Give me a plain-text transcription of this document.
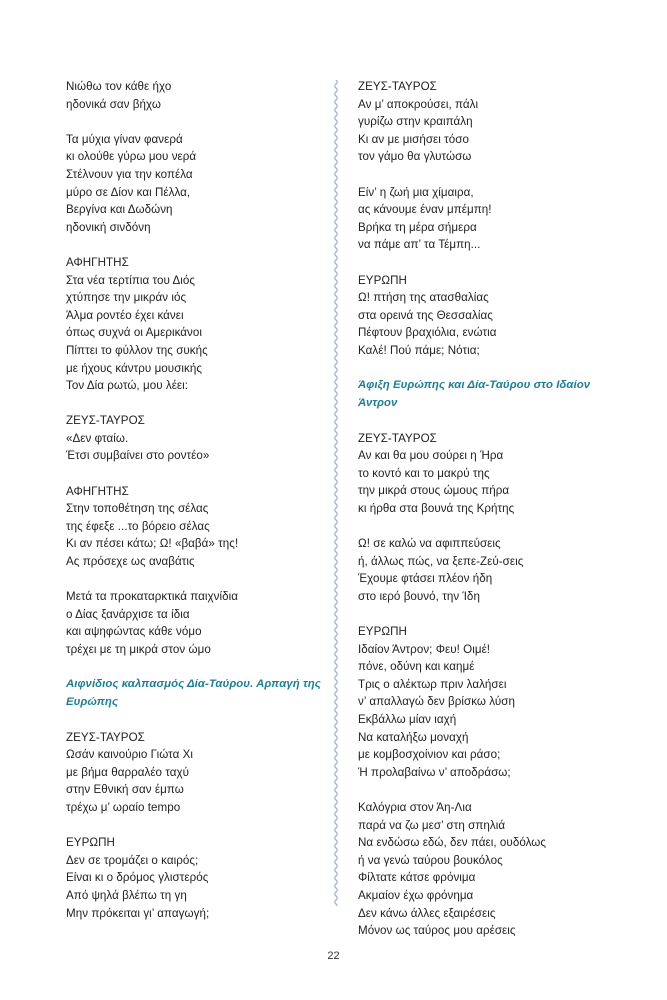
Νιώθω τον κάθε ήχο
ηδονικά σαν βήχω
Τα μύχια γίναν φανερά
κι ολούθε γύρω μου νερά
Στέλνουν για την κοπέλα
μύρο σε Δίον και Πέλλα,
Βεργίνα και Δωδώνη
ηδονική σινδόνη
ΑΦΗΓΗΤΗΣ
Στα νέα τερτίπια του Διός
χτύπησε την μικράν ιός
Άλμα ροντέο έχει κάνει
όπως συχνά οι Αμερικάνοι
Πίπτει το φύλλον της συκής
με ήχους κάντρυ μουσικής
Τον Δία ρωτώ, μου λέει:
ΖΕΥΣ-ΤΑΥΡΟΣ
«Δεν φταίω.
Έτσι συμβαίνει στο ροντέο»
ΑΦΗΓΗΤΗΣ
Στην τοποθέτηση της σέλας
της έφεξε ...το βόρειο σέλας
Κι αν πέσει κάτω; Ω! «βαβά» της!
Ας πρόσεχε ως αναβάτις
Μετά τα προκαταρκτικά παιχνίδια
ο Δίας ξανάρχισε τα ίδια
και αψηφώντας κάθε νόμο
τρέχει με τη μικρά στον ώμο
Αιφνίδιος καλπασμός Δία-Ταύρου. Αρπαγή της
Ευρώπης
ΖΕΥΣ-ΤΑΥΡΟΣ
Ωσάν καινούριο Γιώτα Χι
με βήμα θαρραλέο ταχύ
στην Εθνική σαν έμπω
τρέχω μ’ ωραίο tempo
ΕΥΡΩΠΗ
Δεν σε τρομάζει ο καιρός;
Είναι κι ο δρόμος γλιστερός
Από ψηλά βλέπω τη γη
Μην πρόκειται γι’ απαγωγή;
ΖΕΥΣ-ΤΑΥΡΟΣ
Αν μ’ αποκρούσει, πάλι
γυρίζω στην κραιπάλη
Κι αν με μισήσει τόσο
τον γάμο θα γλυτώσω
Είν’ η ζωή μια χίμαιρα,
ας κάνουμε έναν μπέμπη!
Βρήκα τη μέρα σήμερα
να πάμε απ’ τα Τέμπη...
ΕΥΡΩΠΗ
Ω! πτήση της ατασθαλίας
στα ορεινά της Θεσσαλίας
Πέφτουν βραχιόλια, ενώτια
Καλέ! Πού πάμε; Νότια;
Άφιξη Ευρώπης και Δία-Ταύρου στο Ιδαίον
Άντρον
ΖΕΥΣ-ΤΑΥΡΟΣ
Αν και θα μου σούρει η Ήρα
το κοντό και το μακρύ της
την μικρά στους ώμους πήρα
κι ήρθα στα βουνά της Κρήτης
Ω! σε καλώ να αφιππεύσεις
ή, άλλως πώς, να ξεπε-Ζεύ-σεις
Έχουμε φτάσει πλέον ήδη
στο ιερό βουνό, την Ίδη
ΕΥΡΩΠΗ
Ιδαίον Άντρον; Φευ! Οιμέ!
πόνε, οδύνη και καημέ
Τρις ο αλέκτωρ πριν λαλήσει
ν’ απαλλαγώ δεν βρίσκω λύση
Εκβάλλω μίαν ιαχή
Να καταλήξω μοναχή
με κομβοσχοίνιον και ράσο;
Ή προλαβαίνω ν’ αποδράσω;
Καλόγρια στον Άη-Λια
παρά να ζω μεσ’ στη σπηλιά
Να ενδώσω εδώ, δεν πάει, ουδόλως
ή να γενώ ταύρου βουκόλος
Φίλτατε κάτσε φρόνιμα
Ακμαίον έχω φρόνημα
Δεν κάνω άλλες εξαιρέσεις
Μόνον ως ταύρος μου αρέσεις
22
